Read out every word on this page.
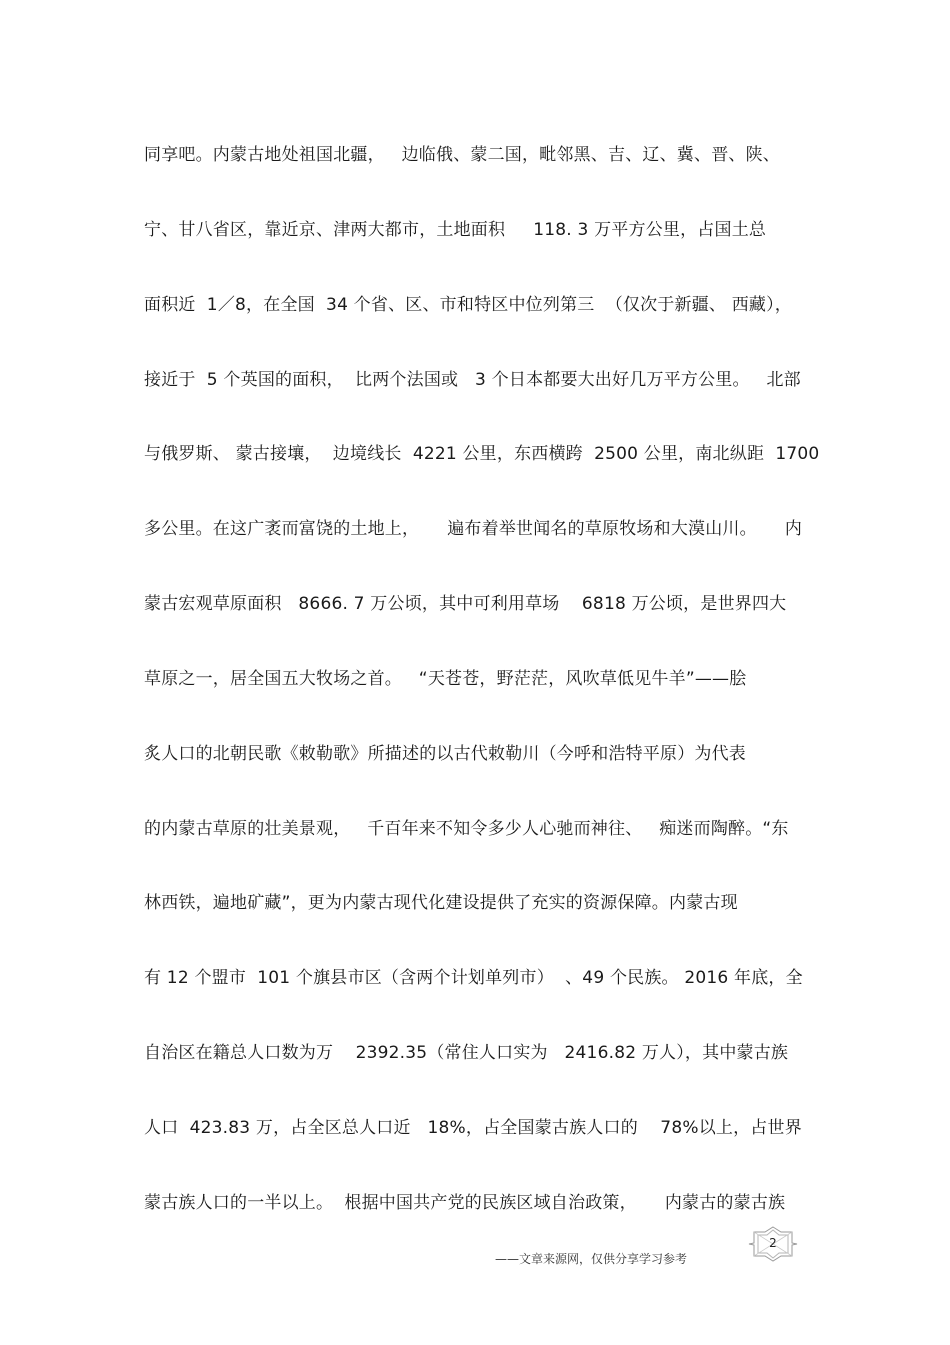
同享吧。内蒙古地处祖国北疆，   边临俄、蒙二国，毗邻黑、吉、辽、冀、晋、陕、
宁、甘八省区，靠近京、津两大都市，土地面积     118. 3 万平方公里，占国土总
面积近  1／8，在全国  34 个省、区、市和特区中位列第三  （仅次于新疆、 西藏），
接近于  5 个英国的面积，  比两个法国或   3 个日本都要大出好几万平方公里。   北部
与俄罗斯、 蒙古接壤，  边境线长  4221 公里，东西横跨  2500 公里，南北纵距  1700
多公里。在这广袤而富饶的土地上，     遍布着举世闻名的草原牧场和大漠山川。     内
蒙古宏观草原面积   8666. 7 万公顷，其中可利用草场    6818 万公顷，是世界四大
草原之一，居全国五大牧场之首。   “天苍苍，野茫茫，风吹草低见牛羊”——脍
炙人口的北朝民歌《敕勒歌》所描述的以古代敕勒川（今呼和浩特平原）为代表
的内蒙古草原的壮美景观，   千百年来不知令多少人心驰而神往、   痴迷而陶醉。“东
林西铁，遍地矿藏”，更为内蒙古现代化建设提供了充实的资源保障。内蒙古现
有 12 个盟市  101 个旗县市区（含两个计划单列市）  、49 个民族。 2016 年底，全
自治区在籍总人口数为万    2392.35（常住人口实为   2416.82 万人），其中蒙古族
人口  423.83 万，占全区总人口近   18%，占全国蒙古族人口的    78%以上，占世界
蒙古族人口的一半以上。  根据中国共产党的民族区域自治政策，     内蒙古的蒙古族
——文章来源网，仅供分享学习参考
2
